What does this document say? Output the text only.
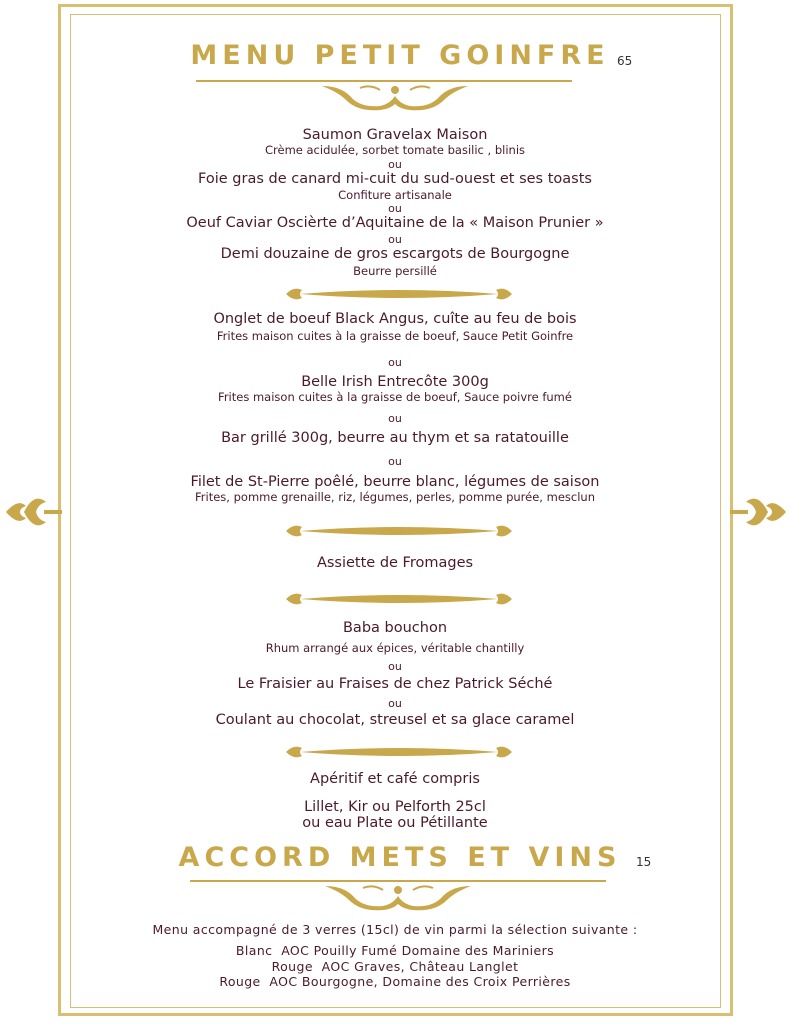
MENU PETIT GOINFRE 65
Saumon Gravelax Maison
Crème acidulée, sorbet tomate basilic , blinis
ou
Foie gras de canard mi-cuit du sud-ouest et ses toasts
Confiture artisanale
ou
Oeuf Caviar Oscièrte d’Aquitaine de la « Maison Prunier »
ou
Demi douzaine de gros escargots de Bourgogne
Beurre persillé
Onglet de boeuf Black Angus, cuîte au feu de bois
Frites maison cuites à la graisse de boeuf, Sauce Petit Goinfre
ou
Belle Irish Entrecôte 300g
Frites maison cuites à la graisse de boeuf, Sauce poivre fumé
ou
Bar grillé 300g, beurre au thym et sa ratatouille
ou
Filet de St-Pierre poêlé, beurre blanc, légumes de saison
Frites, pomme grenaille, riz, légumes, perles, pomme purée, mesclun
Assiette de Fromages
Baba bouchon
Rhum arrangé aux épices, véritable chantilly
ou
Le Fraisier au Fraises de chez Patrick Séché
ou
Coulant au chocolat, streusel et sa glace caramel
Apéritif et café compris
Lillet, Kir ou Pelforth 25cl
ou eau Plate ou Pétillante
ACCORD METS ET VINS	15
Menu accompagné de 3 verres (15cl) de vin parmi la sélection suivante :
Blanc AOC Pouilly Fumé Domaine des Mariniers
Rouge AOC Graves, Château Langlet
Rouge AOC Bourgogne, Domaine des Croix Perrières
